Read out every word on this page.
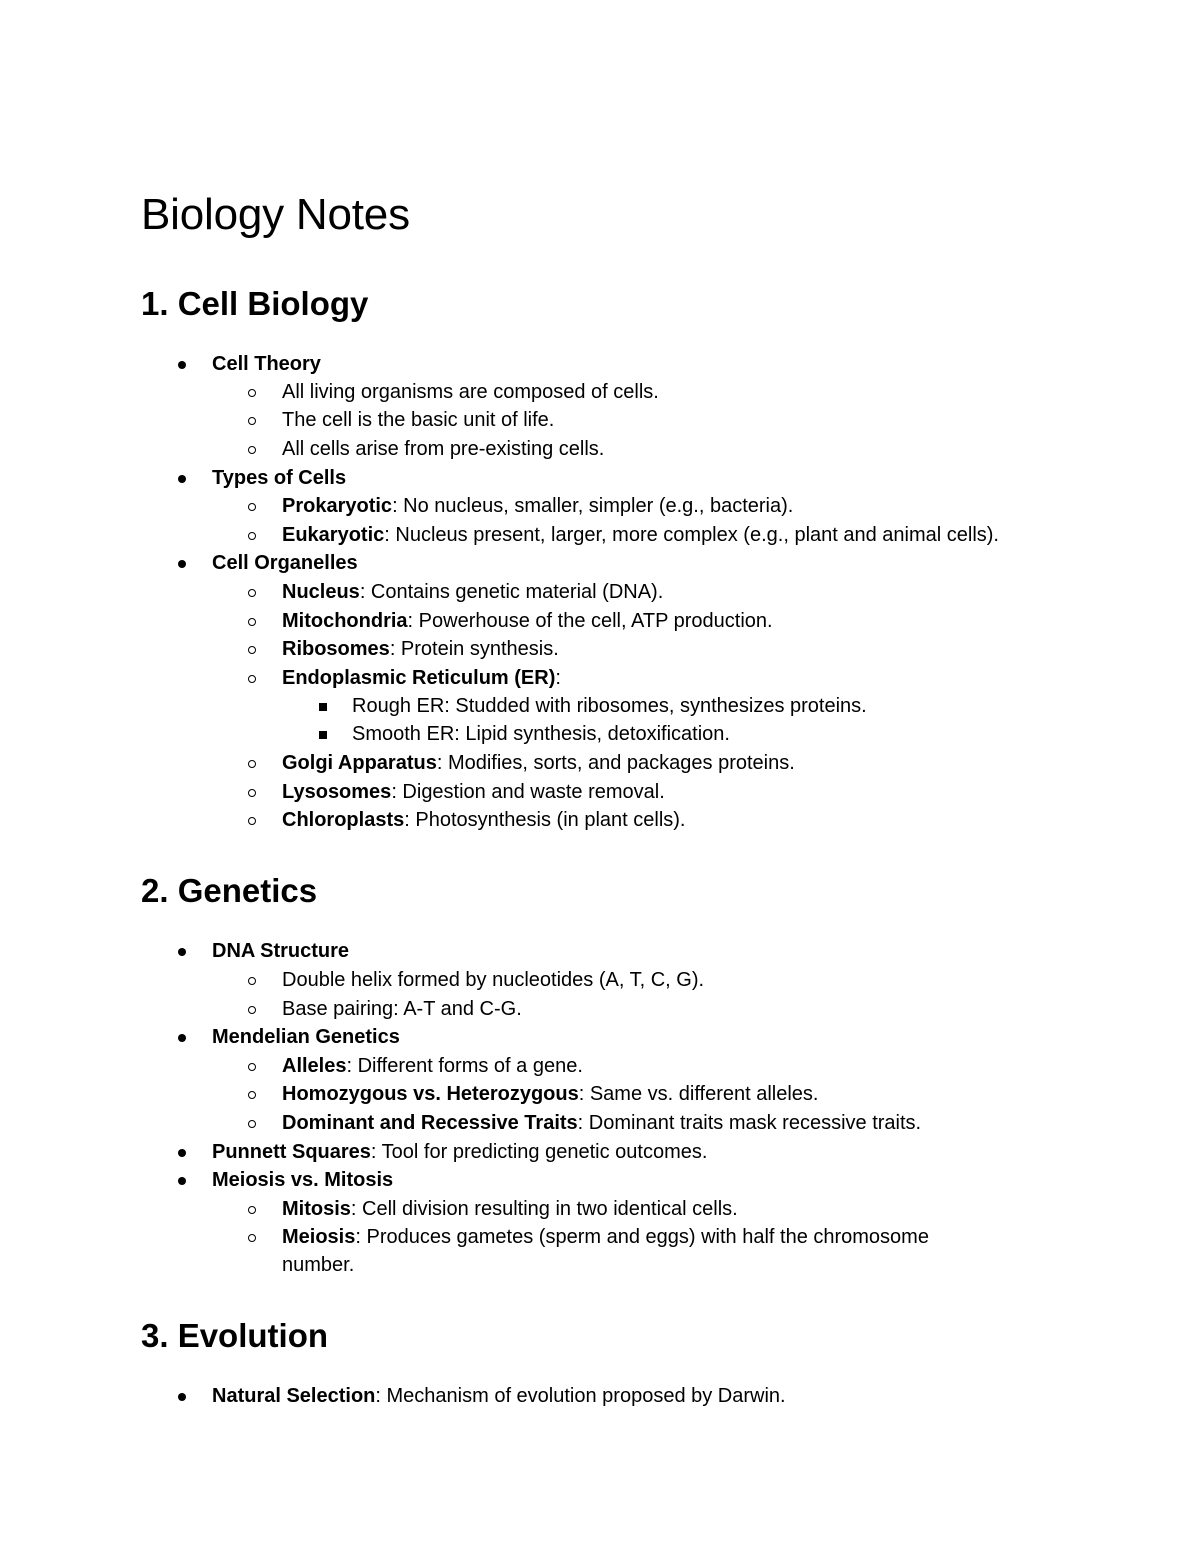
Biology Notes
1. Cell Biology
Cell Theory
All living organisms are composed of cells.
The cell is the basic unit of life.
All cells arise from pre-existing cells.
Types of Cells
Prokaryotic: No nucleus, smaller, simpler (e.g., bacteria).
Eukaryotic: Nucleus present, larger, more complex (e.g., plant and animal cells).
Cell Organelles
Nucleus: Contains genetic material (DNA).
Mitochondria: Powerhouse of the cell, ATP production.
Ribosomes: Protein synthesis.
Endoplasmic Reticulum (ER):
Rough ER: Studded with ribosomes, synthesizes proteins.
Smooth ER: Lipid synthesis, detoxification.
Golgi Apparatus: Modifies, sorts, and packages proteins.
Lysosomes: Digestion and waste removal.
Chloroplasts: Photosynthesis (in plant cells).
2. Genetics
DNA Structure
Double helix formed by nucleotides (A, T, C, G).
Base pairing: A-T and C-G.
Mendelian Genetics
Alleles: Different forms of a gene.
Homozygous vs. Heterozygous: Same vs. different alleles.
Dominant and Recessive Traits: Dominant traits mask recessive traits.
Punnett Squares: Tool for predicting genetic outcomes.
Meiosis vs. Mitosis
Mitosis: Cell division resulting in two identical cells.
Meiosis: Produces gametes (sperm and eggs) with half the chromosome
number.
3. Evolution
Natural Selection: Mechanism of evolution proposed by Darwin.
